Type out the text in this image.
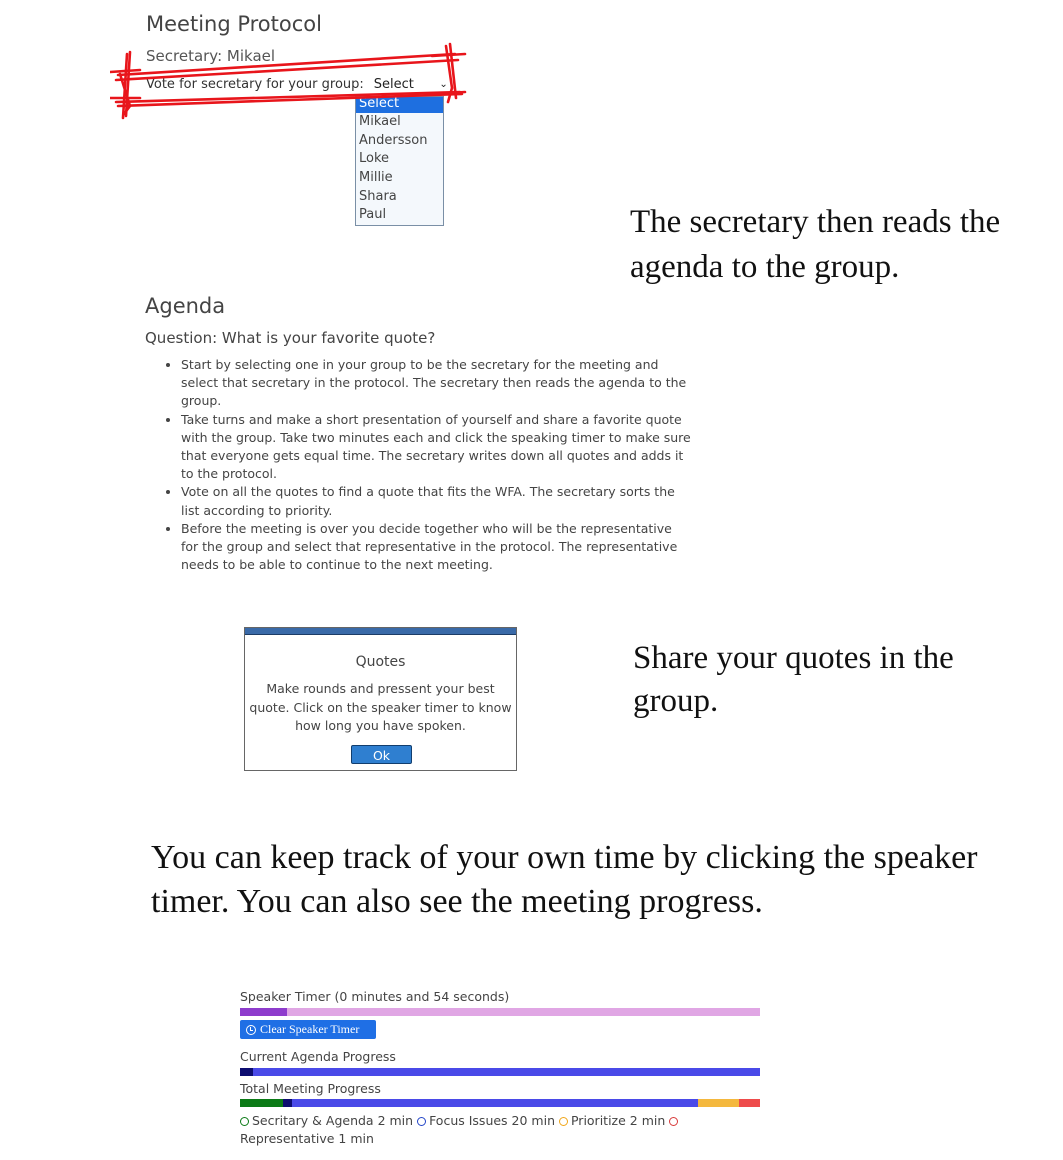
Meeting Protocol
Secretary: Mikael
Vote for secretary for your group: Select	⌄
Select
Mikael
Andersson
Loke
Millie
Shara
Paul	The secretary then reads the agenda to the group.
Share your quotes in the group.
You can keep track of your own time by clicking the speaker timer. You can also see the meeting progress.
Agenda
Question: What is your favorite quote?
• Start by selecting one in your group to be the secretary for the meeting and select that secretary in the protocol. The secretary then reads the agenda to the group.
• Take turns and make a short presentation of yourself and share a favorite quote with the group. Take two minutes each and click the speaking timer to make sure that everyone gets equal time. The secretary writes down all quotes and adds it to the protocol.
• Vote on all the quotes to find a quote that fits the WFA. The secretary sorts the list according to priority.
• Before the meeting is over you decide together who will be the representative for the group and select that representative in the protocol. The representative needs to be able to continue to the next meeting.
Quotes
Make rounds and pressent your best quote. Click on the speaker timer to know how long you have spoken.
Ok
Speaker Timer (0 minutes and 54 seconds)
Clear Speaker Timer
Current Agenda Progress
Total Meeting Progress
Secritary & Agenda 2 min Focus Issues 20 min Prioritize 2 min Representative 1 min
